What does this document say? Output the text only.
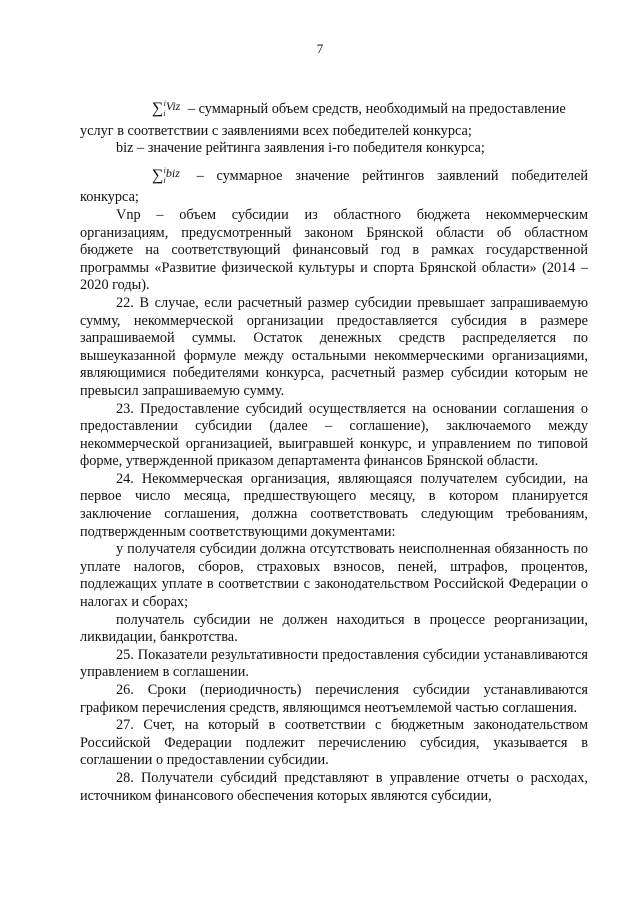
7

$\sum_i^{iViz}$ – суммарный объем средств, необходимый на предоставление

услуг в соответствии с заявлениями всех победителей конкурса;

biz – значение рейтинга заявления i-го победителя конкурса;

$\sum_i^{ibiz}$ – суммарное значение рейтингов заявлений победителей конкурса;

Vnp – объем субсидии из областного бюджета некоммерческим организациям, предусмотренный законом Брянской области об областном бюджете на соответствующий финансовый год в рамках государственной программы «Развитие физической культуры и спорта Брянской области» (2014 – 2020 годы).

22. В случае, если расчетный размер субсидии превышает запрашиваемую сумму, некоммерческой организации предоставляется субсидия в размере запрашиваемой суммы. Остаток денежных средств распределяется по вышеуказанной формуле между остальными некоммерческими организациями, являющимися победителями конкурса, расчетный размер субсидии которым не превысил запрашиваемую сумму.

23. Предоставление субсидий осуществляется на основании соглашения о предоставлении субсидии (далее – соглашение), заключаемого между некоммерческой организацией, выигравшей конкурс, и управлением по типовой форме, утвержденной приказом департамента финансов Брянской области.

24. Некоммерческая организация, являющаяся получателем субсидии, на первое число месяца, предшествующего месяцу, в котором планируется заключение соглашения, должна соответствовать следующим требованиям, подтвержденным соответствующими документами:

у получателя субсидии должна отсутствовать неисполненная обязанность по уплате налогов, сборов, страховых взносов, пеней, штрафов, процентов, подлежащих уплате в соответствии с законодательством Российской Федерации о налогах и сборах;

получатель субсидии не должен находиться в процессе реорганизации, ликвидации, банкротства.

25. Показатели результативности предоставления субсидии устанавливаются управлением в соглашении.

26. Сроки (периодичность) перечисления субсидии устанавливаются графиком перечисления средств, являющимся неотъемлемой частью соглашения.

27. Счет, на который в соответствии с бюджетным законодательством Российской Федерации подлежит перечислению субсидия, указывается в соглашении о предоставлении субсидии.

28. Получатели субсидий представляют в управление отчеты о расходах, источником финансового обеспечения которых являются субсидии,
